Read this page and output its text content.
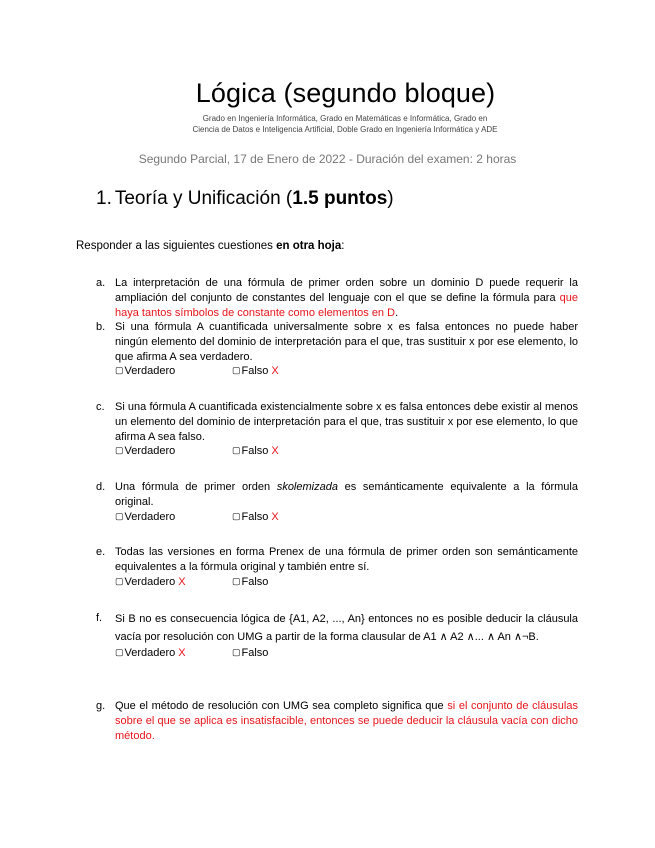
Lógica (segundo bloque)
Grado en Ingeniería Informática, Grado en Matemáticas e Informática, Grado en
Ciencia de Datos e Inteligencia Artificial, Doble Grado en Ingeniería Informática y ADE
Segundo Parcial, 17 de Enero de 2022 - Duración del examen: 2 horas
1. Teoría y Unificación (1.5 puntos)
Responder a las siguientes cuestiones en otra hoja:
a. La interpretación de una fórmula de primer orden sobre un dominio D puede requerir la ampliación del conjunto de constantes del lenguaje con el que se define la fórmula para que haya tantos símbolos de constante como elementos en D.
b. Si una fórmula A cuantificada universalmente sobre x es falsa entonces no puede haber ningún elemento del dominio de interpretación para el que, tras sustituir x por ese elemento, lo que afirma A sea verdadero.
▢Verdadero	▢Falso X
c. Si una fórmula A cuantificada existencialmente sobre x es falsa entonces debe existir al menos un elemento del dominio de interpretación para el que, tras sustituir x por ese elemento, lo que afirma A sea falso.
▢Verdadero	▢Falso X
d. Una fórmula de primer orden skolemizada es semánticamente equivalente a la fórmula original.
▢Verdadero	▢Falso X
e. Todas las versiones en forma Prenex de una fórmula de primer orden son semánticamente equivalentes a la fórmula original y también entre sí.
▢Verdadero X	▢Falso
f.	Si B no es consecuencia lógica de {A1, A2, ..., An} entonces no es posible deducir la cláusula vacía por resolución con UMG a partir de la forma clausular de A1 ∧ A2 ∧... ∧ An ∧¬B.
▢Verdadero X	▢Falso
g. Que el método de resolución con UMG sea completo significa que si el conjunto de cláusulas sobre el que se aplica es insatisfacible, entonces se puede deducir la cláusula vacía con dicho método.
